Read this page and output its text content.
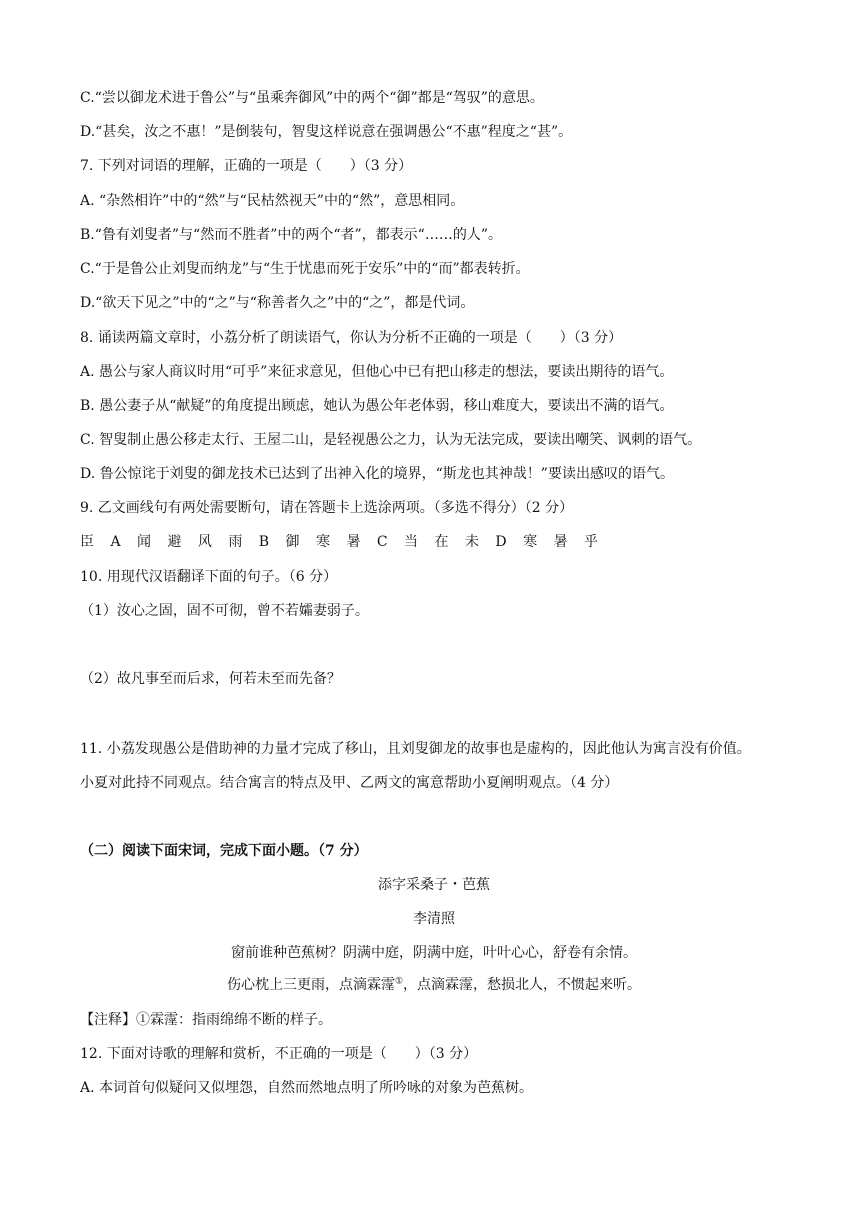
C.“尝以御龙术进于鲁公”与“虽乘奔御风”中的两个“御”都是“驾驭”的意思。
D.“甚矣，汝之不惠！”是倒装句，智叟这样说意在强调愚公“不惠”程度之“甚”。
7. 下列对词语的理解，正确的一项是（　　）（3 分）
A. “杂然相许”中的“然”与“民枯然视天”中的“然”，意思相同。
B.“鲁有刘叟者”与“然而不胜者”中的两个“者”，都表示“……的人”。
C.“于是鲁公止刘叟而纳龙”与“生于忧患而死于安乐”中的“而”都表转折。
D.“欲天下见之”中的“之”与“称善者久之”中的“之”，都是代词。
8. 诵读两篇文章时，小荔分析了朗读语气，你认为分析不正确的一项是（　　）（3 分）
A. 愚公与家人商议时用“可乎”来征求意见，但他心中已有把山移走的想法，要读出期待的语气。
B. 愚公妻子从“献疑”的角度提出顾虑，她认为愚公年老体弱，移山难度大，要读出不满的语气。
C. 智叟制止愚公移走太行、王屋二山，是轻视愚公之力，认为无法完成，要读出嘲笑、讽刺的语气。
D. 鲁公惊诧于刘叟的御龙技术已达到了出神入化的境界，“斯龙也其神哉！”要读出感叹的语气。
9. 乙文画线句有两处需要断句，请在答题卡上选涂两项。（多选不得分）（2 分）
臣 A 闻 避 风 雨 B 御 寒 暑 C 当 在 未 D 寒 暑 乎
10. 用现代汉语翻译下面的句子。（6 分）
（1）汝心之固，固不可彻，曾不若孀妻弱子。
（2）故凡事至而后求，何若未至而先备？
11. 小荔发现愚公是借助神的力量才完成了移山，且刘叟御龙的故事也是虚构的，因此他认为寓言没有价值。
小夏对此持不同观点。结合寓言的特点及甲、乙两文的寓意帮助小夏阐明观点。（4 分）
（二）阅读下面宋词，完成下面小题。（7 分）
添字采桑子・芭蕉
李清照
窗前谁种芭蕉树？阴满中庭，阴满中庭，叶叶心心，舒卷有余情。
伤心枕上三更雨，点滴霖霪①，点滴霖霪，愁损北人，不惯起来听。
【注释】①霖霪：指雨绵绵不断的样子。
12. 下面对诗歌的理解和赏析，不正确的一项是（　　）（3 分）
A. 本词首句似疑问又似埋怨，自然而然地点明了所吟咏的对象为芭蕉树。
